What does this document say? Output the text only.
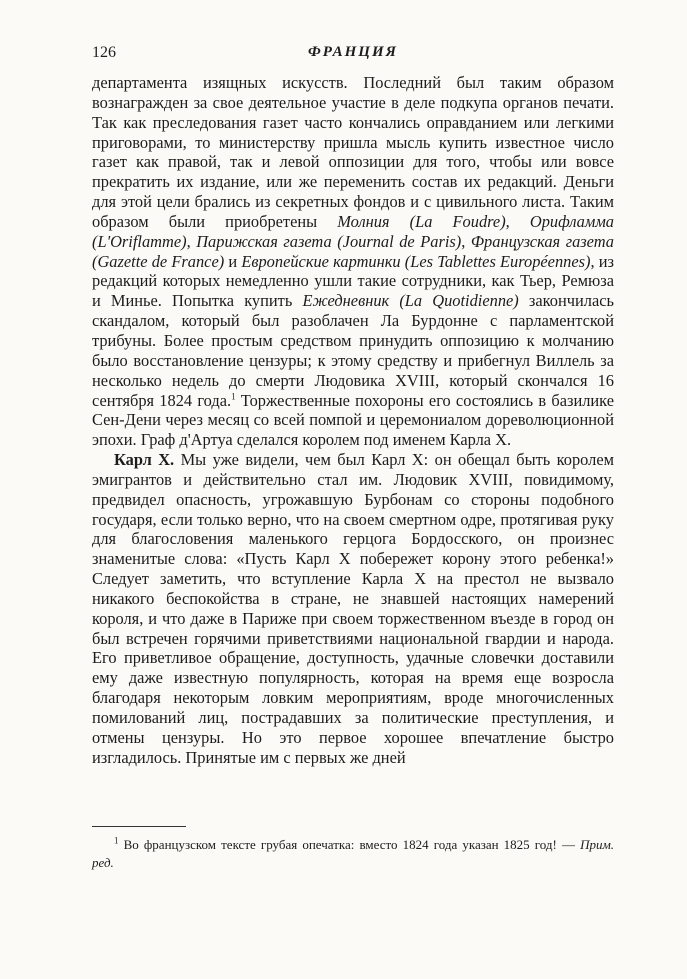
126	ФРАНЦИЯ

департамента изящных искусств. Последний был таким образом вознагражден за свое деятельное участие в деле подкупа органов печати. Так как преследования газет часто кончались оправданием или легкими приговорами, то министерству пришла мысль купить известное число газет как правой, так и левой оппозиции для того, чтобы или вовсе прекратить их издание, или же переменить состав их редакций. Деньги для этой цели брались из секретных фондов и с цивильного листа. Таким образом были приобретены Молния (La Foudre), Орифламма (L'Oriflamme), Парижская газета (Journal de Paris), Французская газета (Gazette de France) и Европейские картинки (Les Tablettes Européennes), из редакций которых немедленно ушли такие сотрудники, как Тьер, Ремюза и Минье. Попытка купить Ежедневник (La Quotidienne) закончилась скандалом, который был разоблачен Ла Бурдонне с парламентской трибуны. Более простым средством принудить оппозицию к молчанию было восстановление цензуры; к этому средству и прибегнул Виллель за несколько недель до смерти Людовика XVIII, который скончался 16 сентября 1824 года.$^1$ Торжественные похороны его состоялись в базилике Сен-Дени через месяц со всей помпой и церемониалом дореволюционной эпохи. Граф д'Артуа сделался королем под именем Карла X.

Карл X. Мы уже видели, чем был Карл X: он обещал быть королем эмигрантов и действительно стал им. Людовик XVIII, повидимому, предвидел опасность, угрожавшую Бурбонам со стороны подобного государя, если только верно, что на своем смертном одре, протягивая руку для благословения маленького герцога Бордосского, он произнес знаменитые слова: «Пусть Карл X побережет корону этого ребенка!» Следует заметить, что вступление Карла X на престол не вызвало никакого беспокойства в стране, не знавшей настоящих намерений короля, и что даже в Париже при своем торжественном въезде в город он был встречен горячими приветствиями национальной гвардии и народа. Его приветливое обращение, доступность, удачные словечки доставили ему даже известную популярность, которая на время еще возросла благодаря некоторым ловким мероприятиям, вроде многочисленных помилований лиц, пострадавших за политические преступления, и отмены цензуры. Но это первое хорошее впечатление быстро изгладилось. Принятые им с первых же дней

$^1$ Во французском тексте грубая опечатка: вместо 1824 года указан 1825 год! — Прим. ред.
